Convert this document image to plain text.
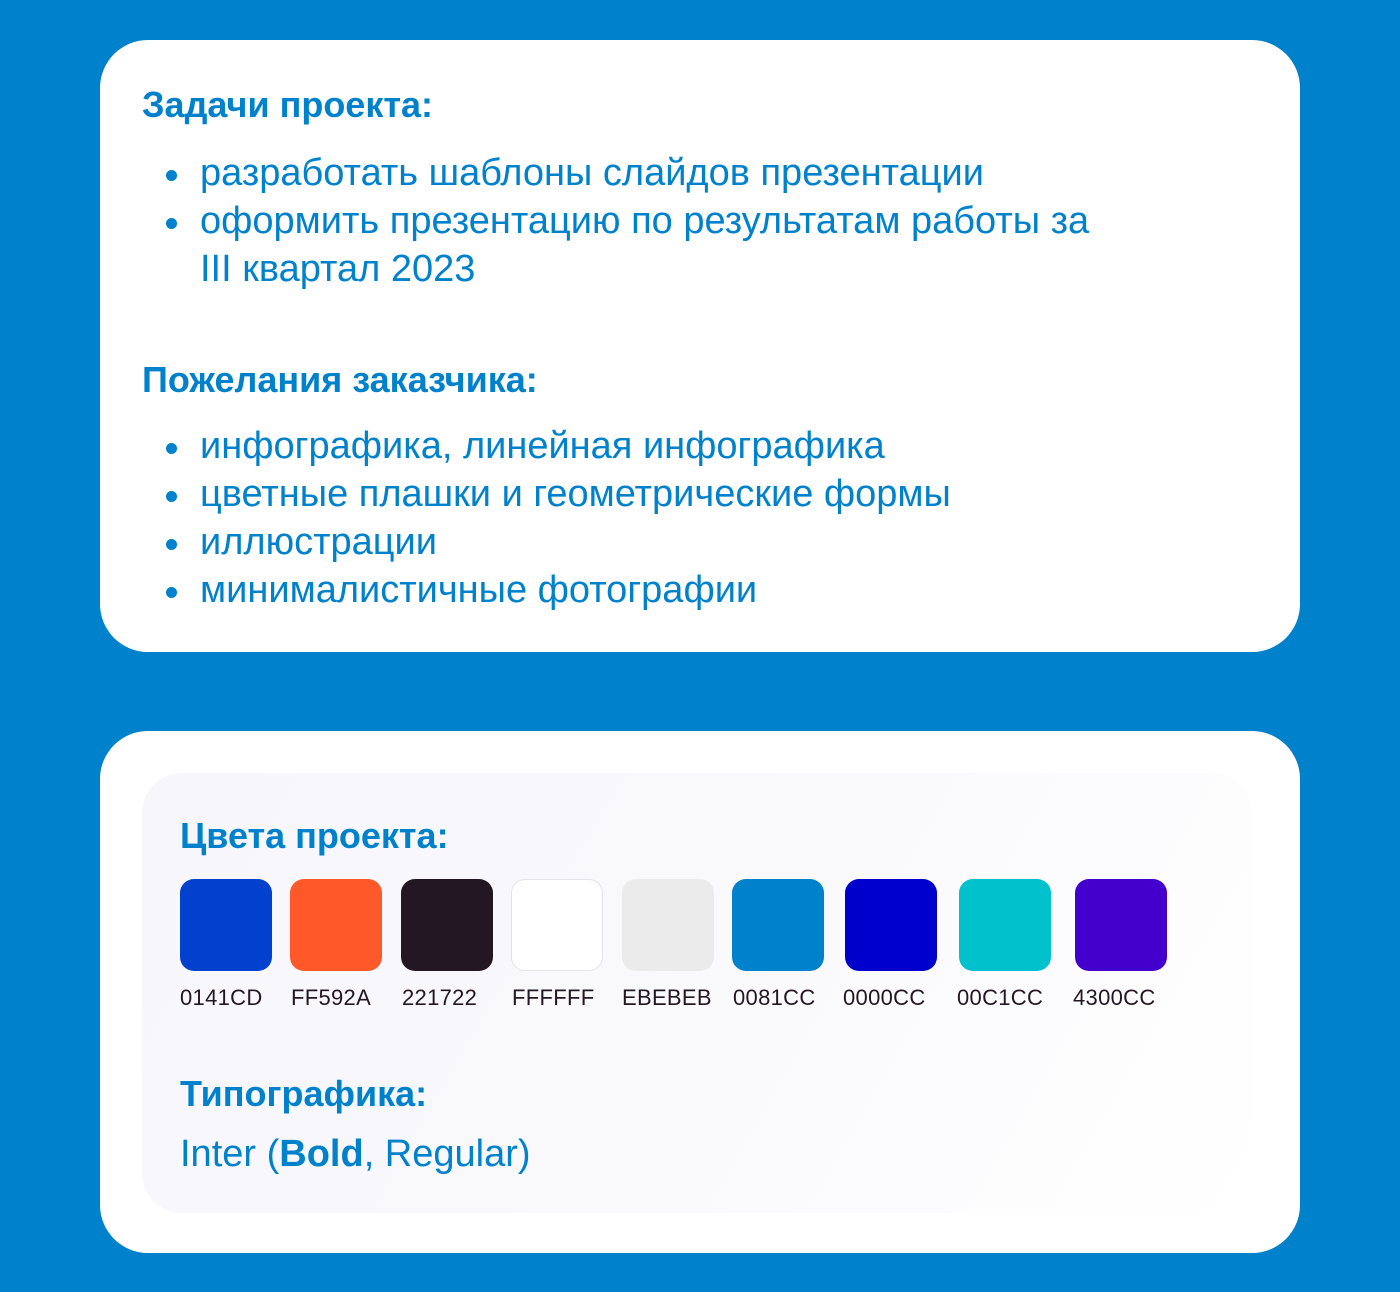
Задачи проекта:
разработать шаблоны слайдов презентации
оформить презентацию по результатам работы за III квартал 2023
Пожелания заказчика:
инфографика, линейная инфографика
цветные плашки и геометрические формы
иллюстрации
минималистичные фотографии
Цвета проекта:
0141CD FF592A 221722 FFFFFF EBEBEB 0081CC 0000CC 00C1CC 4300CC
Типографика:
Inter (Bold, Regular)
